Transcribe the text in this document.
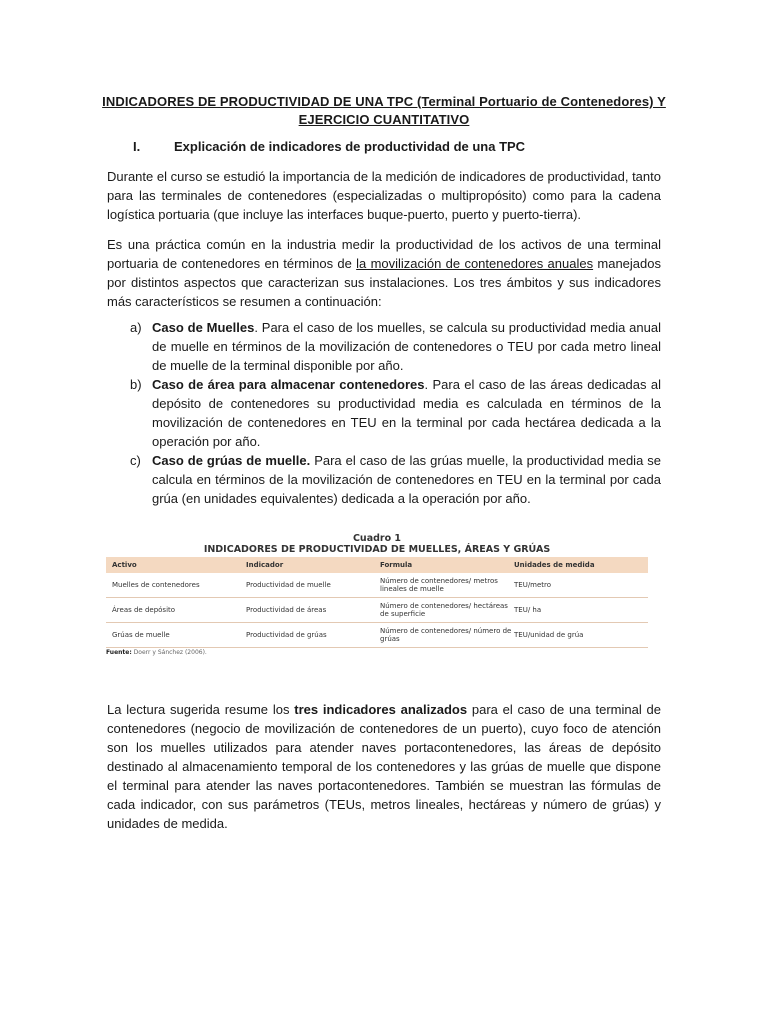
INDICADORES DE PRODUCTIVIDAD DE UNA TPC (Terminal Portuario de Contenedores) Y EJERCICIO CUANTITATIVO
I.	Explicación de indicadores de productividad de una TPC
Durante el curso se estudió la importancia de la medición de indicadores de productividad, tanto para las terminales de contenedores (especializadas o multipropósito) como para la cadena logística portuaria (que incluye las interfaces buque-puerto, puerto y puerto-tierra).
Es una práctica común en la industria medir la productividad de los activos de una terminal portuaria de contenedores en términos de la movilización de contenedores anuales manejados por distintos aspectos que caracterizan sus instalaciones. Los tres ámbitos y sus indicadores más característicos se resumen a continuación:
a) Caso de Muelles. Para el caso de los muelles, se calcula su productividad media anual de muelle en términos de la movilización de contenedores o TEU por cada metro lineal de muelle de la terminal disponible por año.
b) Caso de área para almacenar contenedores. Para el caso de las áreas dedicadas al depósito de contenedores su productividad media es calculada en términos de la movilización de contenedores en TEU en la terminal por cada hectárea dedicada a la operación por año.
c) Caso de grúas de muelle. Para el caso de las grúas muelle, la productividad media se calcula en términos de la movilización de contenedores en TEU en la terminal por cada grúa (en unidades equivalentes) dedicada a la operación por año.
Cuadro 1
INDICADORES DE PRODUCTIVIDAD DE MUELLES, ÁREAS Y GRÚAS
Activo	Indicador	Formula	Unidades de medida
Muelles de contenedores	Productividad de muelle	Número de contenedores/ metros lineales de muelle	TEU/metro
Áreas de depósito	Productividad de áreas	Número de contenedores/ hectáreas de superficie	TEU/ ha
Grúas de muelle	Productividad de grúas	Número de contenedores/ número de grúas	TEU/unidad de grúa
Fuente: Doerr y Sánchez (2006).
La lectura sugerida resume los tres indicadores analizados para el caso de una terminal de contenedores (negocio de movilización de contenedores de un puerto), cuyo foco de atención son los muelles utilizados para atender naves portacontenedores, las áreas de depósito destinado al almacenamiento temporal de los contenedores y las grúas de muelle que dispone el terminal para atender las naves portacontenedores. También se muestran las fórmulas de cada indicador, con sus parámetros (TEUs, metros lineales, hectáreas y número de grúas) y unidades de medida.
